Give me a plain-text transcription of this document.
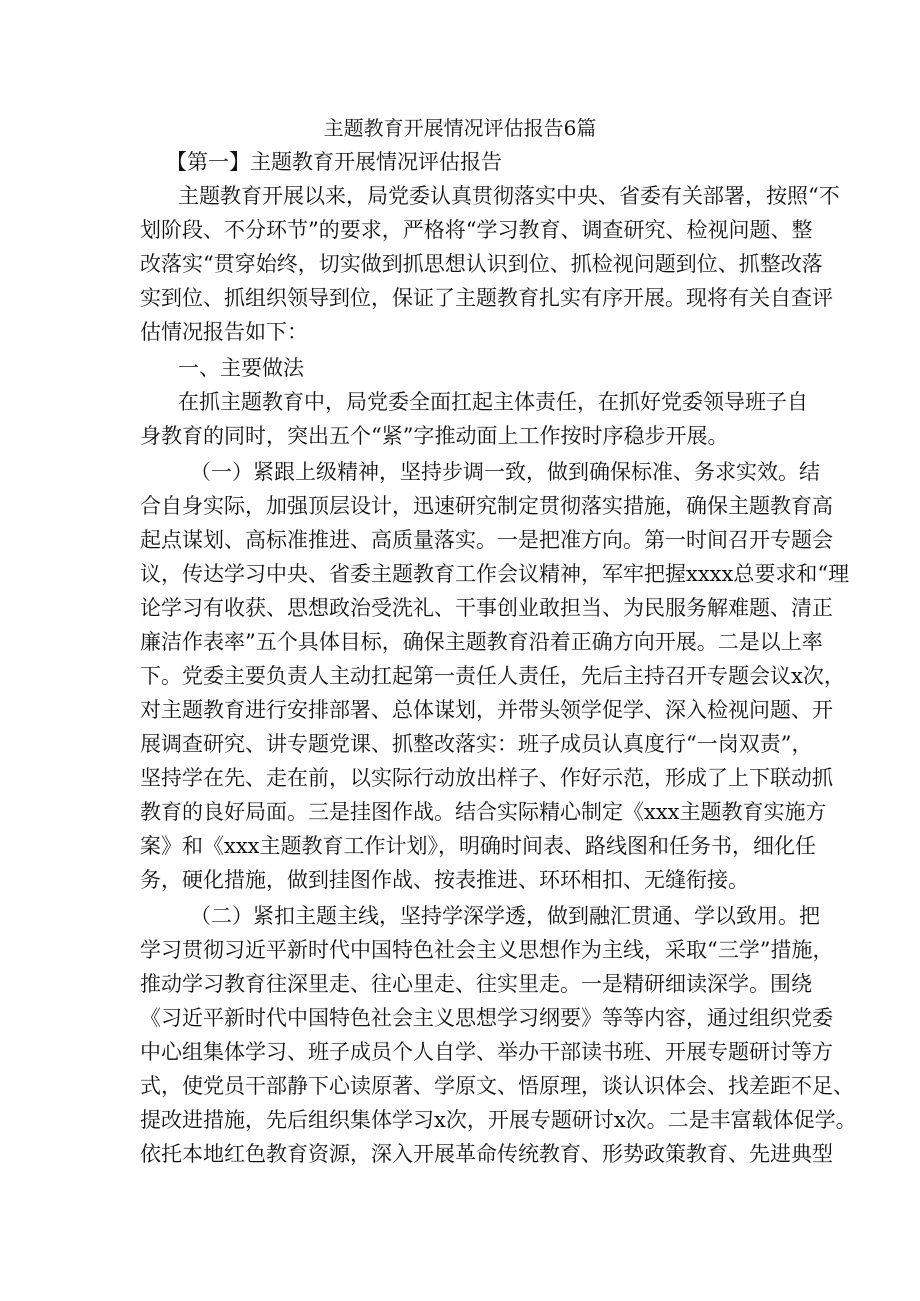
主题教育开展情况评估报告6篇
【第一】主题教育开展情况评估报告
主题教育开展以来，局党委认真贯彻落实中央、省委有关部署，按照“不
划阶段、不分环节”的要求，严格将“学习教育、调查研究、检视问题、整
改落实“贯穿始终，切实做到抓思想认识到位、抓检视问题到位、抓整改落
实到位、抓组织领导到位，保证了主题教育扎实有序开展。现将有关自查评
估情况报告如下：
一、主要做法
在抓主题教育中，局党委全面扛起主体责任，在抓好党委领导班子自
身教育的同时，突出五个“紧”字推动面上工作按时序稳步开展。
（一）紧跟上级精神，坚持步调一致，做到确保标准、务求实效。结
合自身实际，加强顶层设计，迅速研究制定贯彻落实措施，确保主题教育高
起点谋划、高标准推进、高质量落实。一是把准方向。第一时间召开专题会
议，传达学习中央、省委主题教育工作会议精神，军牢把握xxxx总要求和“理
论学习有收获、思想政治受洗礼、干事创业敢担当、为民服务解难题、清正
廉洁作表率”五个具体目标，确保主题教育沿着正确方向开展。二是以上率
下。党委主要负责人主动扛起第一责任人责任，先后主持召开专题会议x次，
对主题教育进行安排部署、总体谋划，并带头领学促学、深入检视问题、开
展调查研究、讲专题党课、抓整改落实：班子成员认真度行“一岗双责”，
坚持学在先、走在前，以实际行动放出样子、作好示范，形成了上下联动抓
教育的良好局面。三是挂图作战。结合实际精心制定《xxx主题教育实施方
案》和《xxx主题教育工作计划》，明确时间表、路线图和任务书，细化任
务，硬化措施，做到挂图作战、按表推进、环环相扣、无缝衔接。
（二）紧扣主题主线，坚持学深学透，做到融汇贯通、学以致用。把
学习贯彻习近平新时代中国特色社会主义思想作为主线，采取“三学”措施，
推动学习教育往深里走、往心里走、往实里走。一是精研细读深学。围绕
《习近平新时代中国特色社会主义思想学习纲要》等等内容，通过组织党委
中心组集体学习、班子成员个人自学、举办干部读书班、开展专题研讨等方
式，使党员干部静下心读原著、学原文、悟原理，谈认识体会、找差距不足、
提改进措施，先后组织集体学习x次，开展专题研讨x次。二是丰富载体促学。
依托本地红色教育资源，深入开展革命传统教育、形势政策教育、先进典型
